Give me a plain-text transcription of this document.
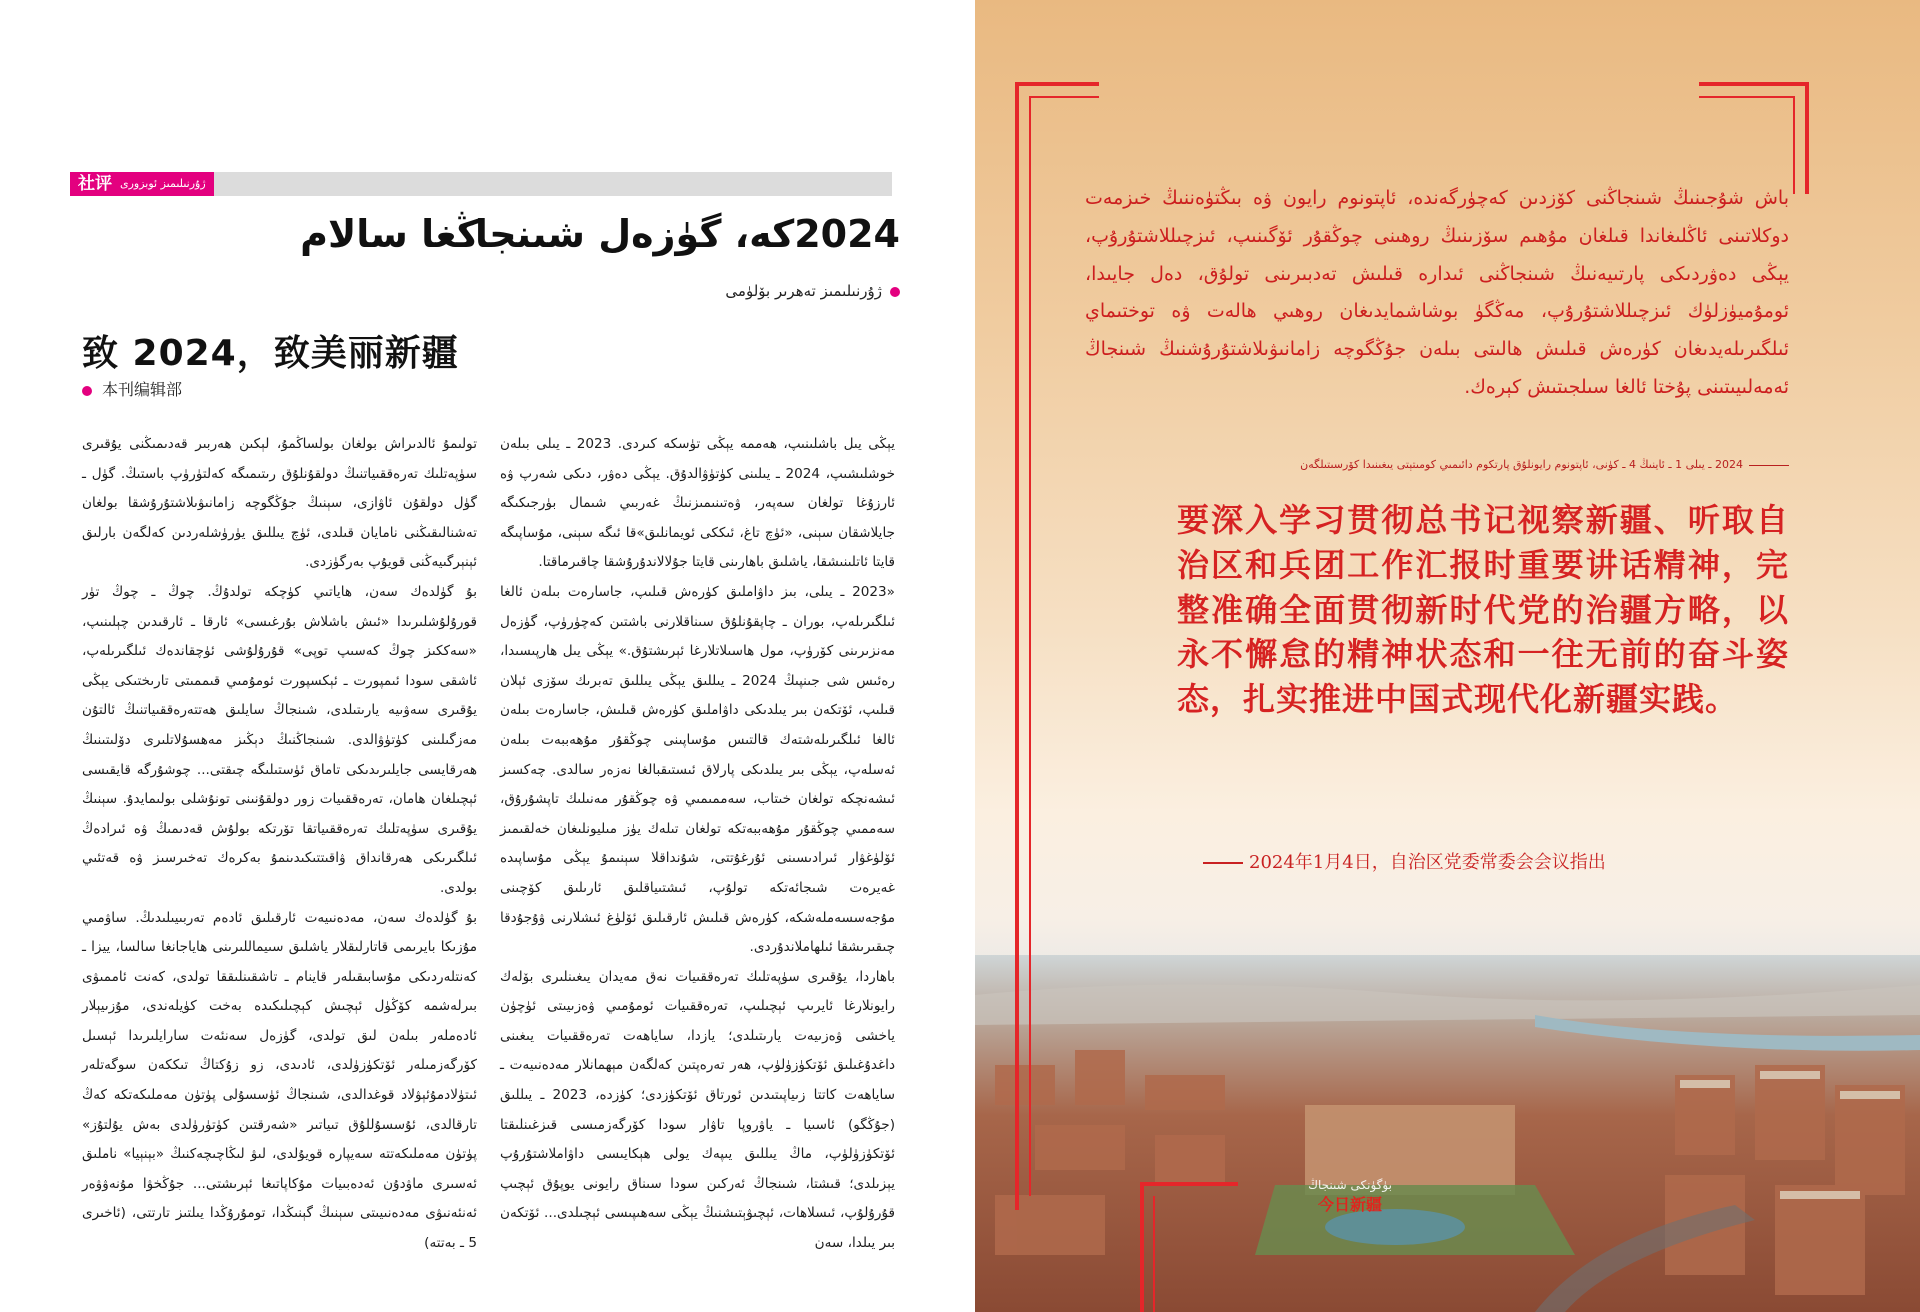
社评 ژۇرنىلىمىز ئوبزورى
2024كە، گۈزەل شىنجاڭغا سالام
ژۇرنىلىمىز تەھرىر بۆلۈمى
致 2024，致美丽新疆
本刊编辑部

يېڭى يىل باشلىنىپ، ھەممە يېڭى تۈسكە كىردى. 2023 ـ يىلى بىلەن خوشلىشىپ، 2024 ـ يىلىنى كۈتۈۋالدۇق. يېڭى دەۋر، دىكى شەرپ ۋە ئارزۇغا تولغان سەپەر، ۋەتىنىمىزنىڭ غەربىي شىمال بۈرجىكىگە جايلاشقان سېنى، «ئۈچ تاغ، ئىككى ئويمانلىق»قا ئىگە سېنى، مۇساپىگە قايتا ئاتلىنىشقا، ياشلىق باھارىنى قايتا جۇلالاندۇرۇشقا چاقىرماقتا.

«2023 ـ يىلى، بىز داۋاملىق كۈرەش قىلىپ، جاسارەت بىلەن ئالغا ئىلگىرىلەپ، بوران ـ چاپقۇنلۇق سىناقلارنى باشتىن كەچۈرۈپ، گۈزەل مەنزىرىنى كۆرۈپ، مول ھاسىلاتلارغا ئېرىشتۇق.» يېڭى يىل ھارپىسىدا، رەئىس شى جىنپىڭ 2024 ـ يىللىق يېڭى يىللىق تەبرىك سۆزى ئېلان قىلىپ، ئۆتكەن بىر يىلدىكى داۋاملىق كۈرەش قىلىش، جاسارەت بىلەن ئالغا ئىلگىرىلەشتەك قالتىس مۇساپىنى چوڭقۇر مۇھەببەت بىلەن ئەسلەپ، يېڭى بىر يىلدىكى پارلاق ئىستىقبالغا نەزەر سالدى. چەكسىز ئىشەنچكە تولغان خىتاب، سەممىمىي ۋە چوڭقۇر مەنىلىك تاپشۇرۇق، سەممىي چوڭقۇر مۇھەببەتكە تولغان تىلەك يۈز مىليونلىغان خەلقىمىز ئۆلۈغۋار ئىرادىسىنى ئۇرغۇتتى، شۇنداقلا سېنىمۇ يېڭى مۇساپىدە غەيرەت شىجائەتكە تولۇپ، ئىشتىياقلىق ئارىلىق كۆچىنى مۇجەسسەملەشكە، كۈرەش قىلىش ئارقىلىق ئۆلۈغ ئىشلارنى ۋۇجۇدقا چىقىرىشقا ئىلھاملاندۇردى.

باھاردا، يۇقىرى سۈپەتلىك تەرەققىيات نەق مەيدان يىغىنلىرى بۆلەك رايونلارغا ئايرىپ ئېچىلىپ، تەرەققىيات ئومۇمىي ۋەزىيىتى ئۈچۈن ياخشى ۋەزىيەت يارىتىلدى؛ يازدا، ساياھەت تەرەققىيات يىغىنى داغدۇغىلىق ئۆتكۈزۈلۈپ، ھەر تەرەپتىن كەلگەن مېھمانلار مەدەنىيەت ـ ساياھەت كاتتا زىياپىتىدىن ئورتاق ئۆتكۈزدى؛ كۈزدە، 2023 ـ يىللىق (جۇڭگو) ئاسىيا ـ ياۋروپا تاۋار سودا كۆرگەزمىسى قىزغىنلىقتا ئۆتكۈزۈلۈپ، ماڭ يىللىق يىپەك يولى ھېكايىسى داۋاملاشتۇرۇپ يېزىلدى؛ قىشتا، شىنجاڭ ئەركىن سودا سىناق رايونى يوپۇق ئېچىپ قۇرۇلۇپ، ئىسلاھات، ئېچىۋېتىشنىڭ يېڭى سەھىپىسى ئېچىلدى... ئۆتكەن بىر يىلدا، سەن

تولىمۇ ئالدىراش بولغان بولساڭمۇ، لېكىن ھەربىر قەدىمىڭنى يۇقىرى سۈپەتلىك تەرەققىياتنىڭ دولقۇنلۇق رىتىمىگە كەلتۈرۈپ باستىڭ. گۈل ـ گۈل دولقۇن ئاۋازى، سېنىڭ جۇڭگوچە زامانىۋىلاشتۇرۇشقا بولغان تەشنالىقىڭنى نامايان قىلدى، ئۈچ يىللىق يۈرۈشلەردىن كەلگەن بارلىق ئېنېرگىيەڭنى قويۇپ بەرگۈزدى.

بۇ گۈلدەك سەن، ھاياتىي كۈچكە تولدۇڭ. چوڭ ـ چوڭ تۈر قورۇلۇشلىرىدا «ئىش باشلاش بۇرغىسى» ئارقا ـ ئارقىدىن چېلىنىپ، «سەككىز چوڭ كەسىپ توپى» قۇرۇلۇشى ئۈچقاندەك ئىلگىرىلەپ، ئاشقى سودا ئىمپورت ـ ئېكسپورت ئومۇمىي قىممىتى تارىختىكى يېڭى يۇقىرى سەۋىيە يارىتىلدى، شىنجاڭ سايلىق ھەتتەرەققىياتنىڭ ئالتۇن مەزگىلىنى كۈتۈۋالدى. شىنجاڭنىڭ دېڭىز مەھسۇلاتلىرى دۆلىتىنىڭ ھەرقايسى جايلىرىدىكى تاماق ئۈستىلىگە چىقتى... چوشۇرگە قايقىسى ئېچىلغان ھامان، تەرەققىيات زور دولقۇنىنى تونۇشلى بولىمايدۇ. سېنىڭ يۇقىرى سۈپەتلىك تەرەققىياتقا تۆرتكە بولۇش قەدىمىڭ ۋە ئىرادەڭ ئىلگىرىكى ھەرقانداق ۋاقىتتىكىدىنمۇ بەكرەك تەخىرسىز ۋە قەتئىي بولدى.

بۇ گۈلدەك سەن، مەدەنىيەت ئارقىلىق ئادەم تەربىيىلىدىڭ. ساۋمىي مۇزىكا بايرىمى قاتارلىقلار ياشلىق سىيماللىرىنى ھاياجانغا سالسا، ييزا ـ كەنتلەردىكى مۇسابىقىلەر قاينام ـ تاشقىنلىققا تولدى، كەنت ئاممىۋى بىرلەشمە كۆڭۈل ئېچىش كېچىلىكىدە بەخت كۈيلەندى، مۇزىيېلار ئادەملەر بىلەن لىق تولدى، گۈزەل سەنئەت سارايلىرىدا ئېسىل كۆرگەزمىلەر ئۆتكۈزۈلدى، ئادىدى، زو زۇكتاڭ تىككەن سوگەتلەر ئىتۈلادمۇئېۋلاد قوغدالدى، شىنجاڭ ئۈسسۇلى پۈتۈن مەملىكەتكە كەڭ تارقالدى، ئۇسسۇللۇق تىياتىر «شەرقتىن كۈتۈرۈلدى بەش يۇلتۇز» پۈتۈن مەملىكەتتە سەيپارە قويۇلدى، لىۋ لىڭاچىچەكنىڭ «بېنېيا» ناملىق ئەسىرى ماۋدۇن ئەدەبىيات مۇكاپاتىغا ئېرىشتى... جۇڭخۋا مۇنەۋۋەر ئەنئەنىۋى مەدەنىيىتى سېنىڭ گېنىڭدا، تومۇرۇڭدا يىلتىز تارتتى، (ئاخىرى 5 ـ بەتتە)

باش شۇجىنىڭ شىنجاڭنى كۆزدىن كەچۈرگەندە، ئاپتونوم رايون ۋە بىڭتۈەننىڭ خىزمەت دوكلاتىنى ئاڭلىغاندا قىلغان مۇھىم سۆزىنىڭ روھىنى چوڭقۇر ئۆگىنىپ، ئىزچىللاشتۇرۇپ، يېڭى دەۋردىكى پارتىيەنىڭ شىنجاڭنى ئىدارە قىلىش تەدبىرىنى تولۇق، دەل جايىدا، ئومۇميۈزلۈك ئىزچىللاشتۇرۇپ، مەڭگۈ بوشاشمايدىغان روھىي ھالەت ۋە توختىماي ئىلگىرىلەيدىغان كۈرەش قىلىش ھالىتى بىلەن جۇڭگوچە زامانىۋىلاشتۇرۇشنىڭ شىنجاڭ ئەمەلىيىتىنى پۇختا ئالغا سىلجىتىش كېرەك.

2024 ـ يىلى 1 ـ ئاينىڭ 4 ـ كۈنى، ئاپتونوم رايونلۇق پارتكوم دائىمىي كومىتېتى يىغىنىدا كۆرسىتىلگەن

要深入学习贯彻总书记视察新疆、听取自治区和兵团工作汇报时重要讲话精神，完整准确全面贯彻新时代党的治疆方略，以永不懈怠的精神状态和一往无前的奋斗姿态，扎实推进中国式现代化新疆实践。

2024年1月4日，自治区党委常委会会议指出
بۈگۈنكى شىنجاڭ
今日新疆
